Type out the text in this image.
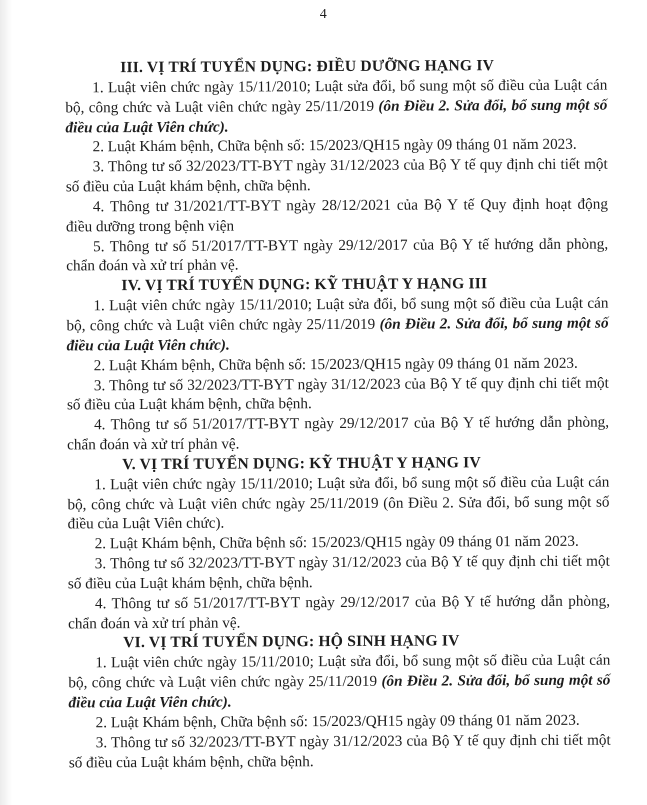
4
III. VỊ TRÍ TUYỂN DỤNG: ĐIỀU DƯỠNG HẠNG IV

1. Luật viên chức ngày 15/11/2010; Luật sửa đổi, bổ sung một số điều của Luật cán bộ, công chức và Luật viên chức ngày 25/11/2019 (ôn Điều 2. Sửa đổi, bổ sung một số điều của Luật Viên chức).

2. Luật Khám bệnh, Chữa bệnh số: 15/2023/QH15 ngày 09 tháng 01 năm 2023.

3. Thông tư số 32/2023/TT-BYT ngày 31/12/2023 của Bộ Y tế quy định chi tiết một số điều của Luật khám bệnh, chữa bệnh.

4. Thông tư 31/2021/TT-BYT ngày 28/12/2021 của Bộ Y tế Quy định hoạt động điều dưỡng trong bệnh viện

5. Thông tư số 51/2017/TT-BYT ngày 29/12/2017 của Bộ Y tế hướng dẫn phòng, chẩn đoán và xử trí phản vệ.

IV. VỊ TRÍ TUYỂN DỤNG: KỸ THUẬT Y HẠNG III

1. Luật viên chức ngày 15/11/2010; Luật sửa đổi, bổ sung một số điều của Luật cán bộ, công chức và Luật viên chức ngày 25/11/2019 (ôn Điều 2. Sửa đổi, bổ sung một số điều của Luật Viên chức).

2. Luật Khám bệnh, Chữa bệnh số: 15/2023/QH15 ngày 09 tháng 01 năm 2023.

3. Thông tư số 32/2023/TT-BYT ngày 31/12/2023 của Bộ Y tế quy định chi tiết một số điều của Luật khám bệnh, chữa bệnh.

4. Thông tư số 51/2017/TT-BYT ngày 29/12/2017 của Bộ Y tế hướng dẫn phòng, chẩn đoán và xử trí phản vệ.

V. VỊ TRÍ TUYỂN DỤNG: KỸ THUẬT Y HẠNG IV

1. Luật viên chức ngày 15/11/2010; Luật sửa đổi, bổ sung một số điều của Luật cán bộ, công chức và Luật viên chức ngày 25/11/2019 (ôn Điều 2. Sửa đổi, bổ sung một số điều của Luật Viên chức).

2. Luật Khám bệnh, Chữa bệnh số: 15/2023/QH15 ngày 09 tháng 01 năm 2023.

3. Thông tư số 32/2023/TT-BYT ngày 31/12/2023 của Bộ Y tế quy định chi tiết một số điều của Luật khám bệnh, chữa bệnh.

4. Thông tư số 51/2017/TT-BYT ngày 29/12/2017 của Bộ Y tế hướng dẫn phòng, chẩn đoán và xử trí phản vệ.

VI. VỊ TRÍ TUYỂN DỤNG: HỘ SINH HẠNG IV

1. Luật viên chức ngày 15/11/2010; Luật sửa đổi, bổ sung một số điều của Luật cán bộ, công chức và Luật viên chức ngày 25/11/2019 (ôn Điều 2. Sửa đổi, bổ sung một số điều của Luật Viên chức).

2. Luật Khám bệnh, Chữa bệnh số: 15/2023/QH15 ngày 09 tháng 01 năm 2023.

3. Thông tư số 32/2023/TT-BYT ngày 31/12/2023 của Bộ Y tế quy định chi tiết một số điều của Luật khám bệnh, chữa bệnh.
